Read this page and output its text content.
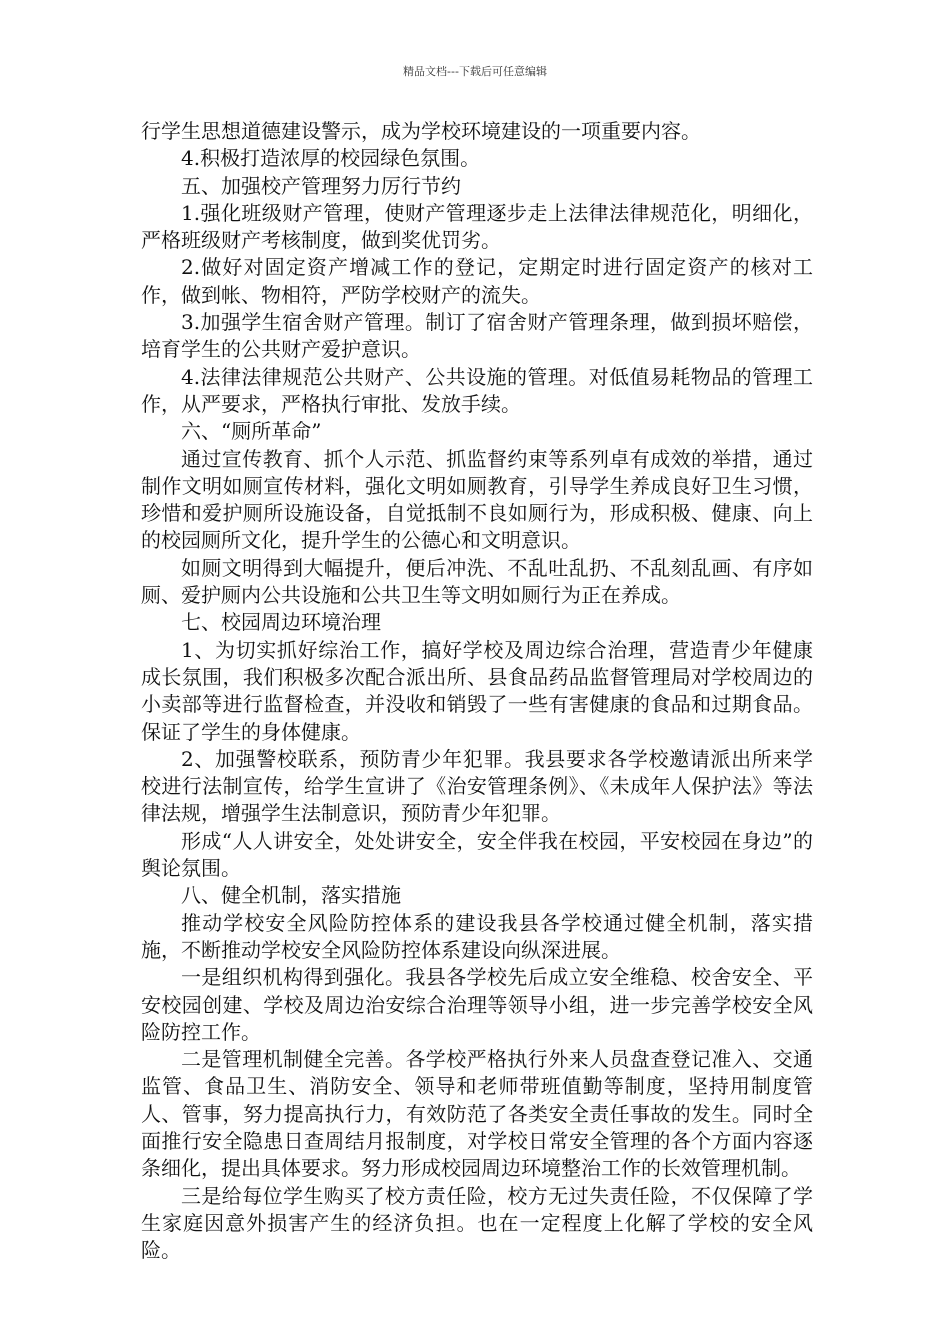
精品文档---下载后可任意编辑

行学生思想道德建设警示，成为学校环境建设的一项重要内容。

4.积极打造浓厚的校园绿色氛围。

五、加强校产管理努力厉行节约

1.强化班级财产管理，使财产管理逐步走上法律法律规范化，明细化，严格班级财产考核制度，做到奖优罚劣。

2.做好对固定资产增减工作的登记，定期定时进行固定资产的核对工作，做到帐、物相符，严防学校财产的流失。

3.加强学生宿舍财产管理。制订了宿舍财产管理条理，做到损坏赔偿，培育学生的公共财产爱护意识。

4.法律法律规范公共财产、公共设施的管理。对低值易耗物品的管理工作，从严要求，严格执行审批、发放手续。

六、“厕所革命”

通过宣传教育、抓个人示范、抓监督约束等系列卓有成效的举措，通过制作文明如厕宣传材料，强化文明如厕教育，引导学生养成良好卫生习惯，珍惜和爱护厕所设施设备，自觉抵制不良如厕行为，形成积极、健康、向上的校园厕所文化，提升学生的公德心和文明意识。

如厕文明得到大幅提升，便后冲洗、不乱吐乱扔、不乱刻乱画、有序如厕、爱护厕内公共设施和公共卫生等文明如厕行为正在养成。

七、校园周边环境治理

1、为切实抓好综治工作，搞好学校及周边综合治理，营造青少年健康成长氛围，我们积极多次配合派出所、县食品药品监督管理局对学校周边的小卖部等进行监督检查，并没收和销毁了一些有害健康的食品和过期食品。保证了学生的身体健康。

2、加强警校联系，预防青少年犯罪。我县要求各学校邀请派出所来学校进行法制宣传，给学生宣讲了《治安管理条例》、《未成年人保护法》等法律法规，增强学生法制意识，预防青少年犯罪。

形成“人人讲安全，处处讲安全，安全伴我在校园，平安校园在身边”的舆论氛围。

八、健全机制，落实措施

推动学校安全风险防控体系的建设我县各学校通过健全机制，落实措施，不断推动学校安全风险防控体系建设向纵深进展。

一是组织机构得到强化。我县各学校先后成立安全维稳、校舍安全、平安校园创建、学校及周边治安综合治理等领导小组，进一步完善学校安全风险防控工作。

二是管理机制健全完善。各学校严格执行外来人员盘查登记准入、交通监管、食品卫生、消防安全、领导和老师带班值勤等制度，坚持用制度管人、管事，努力提高执行力，有效防范了各类安全责任事故的发生。同时全面推行安全隐患日查周结月报制度，对学校日常安全管理的各个方面内容逐条细化，提出具体要求。努力形成校园周边环境整治工作的长效管理机制。

三是给每位学生购买了校方责任险，校方无过失责任险，不仅保障了学生家庭因意外损害产生的经济负担。也在一定程度上化解了学校的安全风险。
